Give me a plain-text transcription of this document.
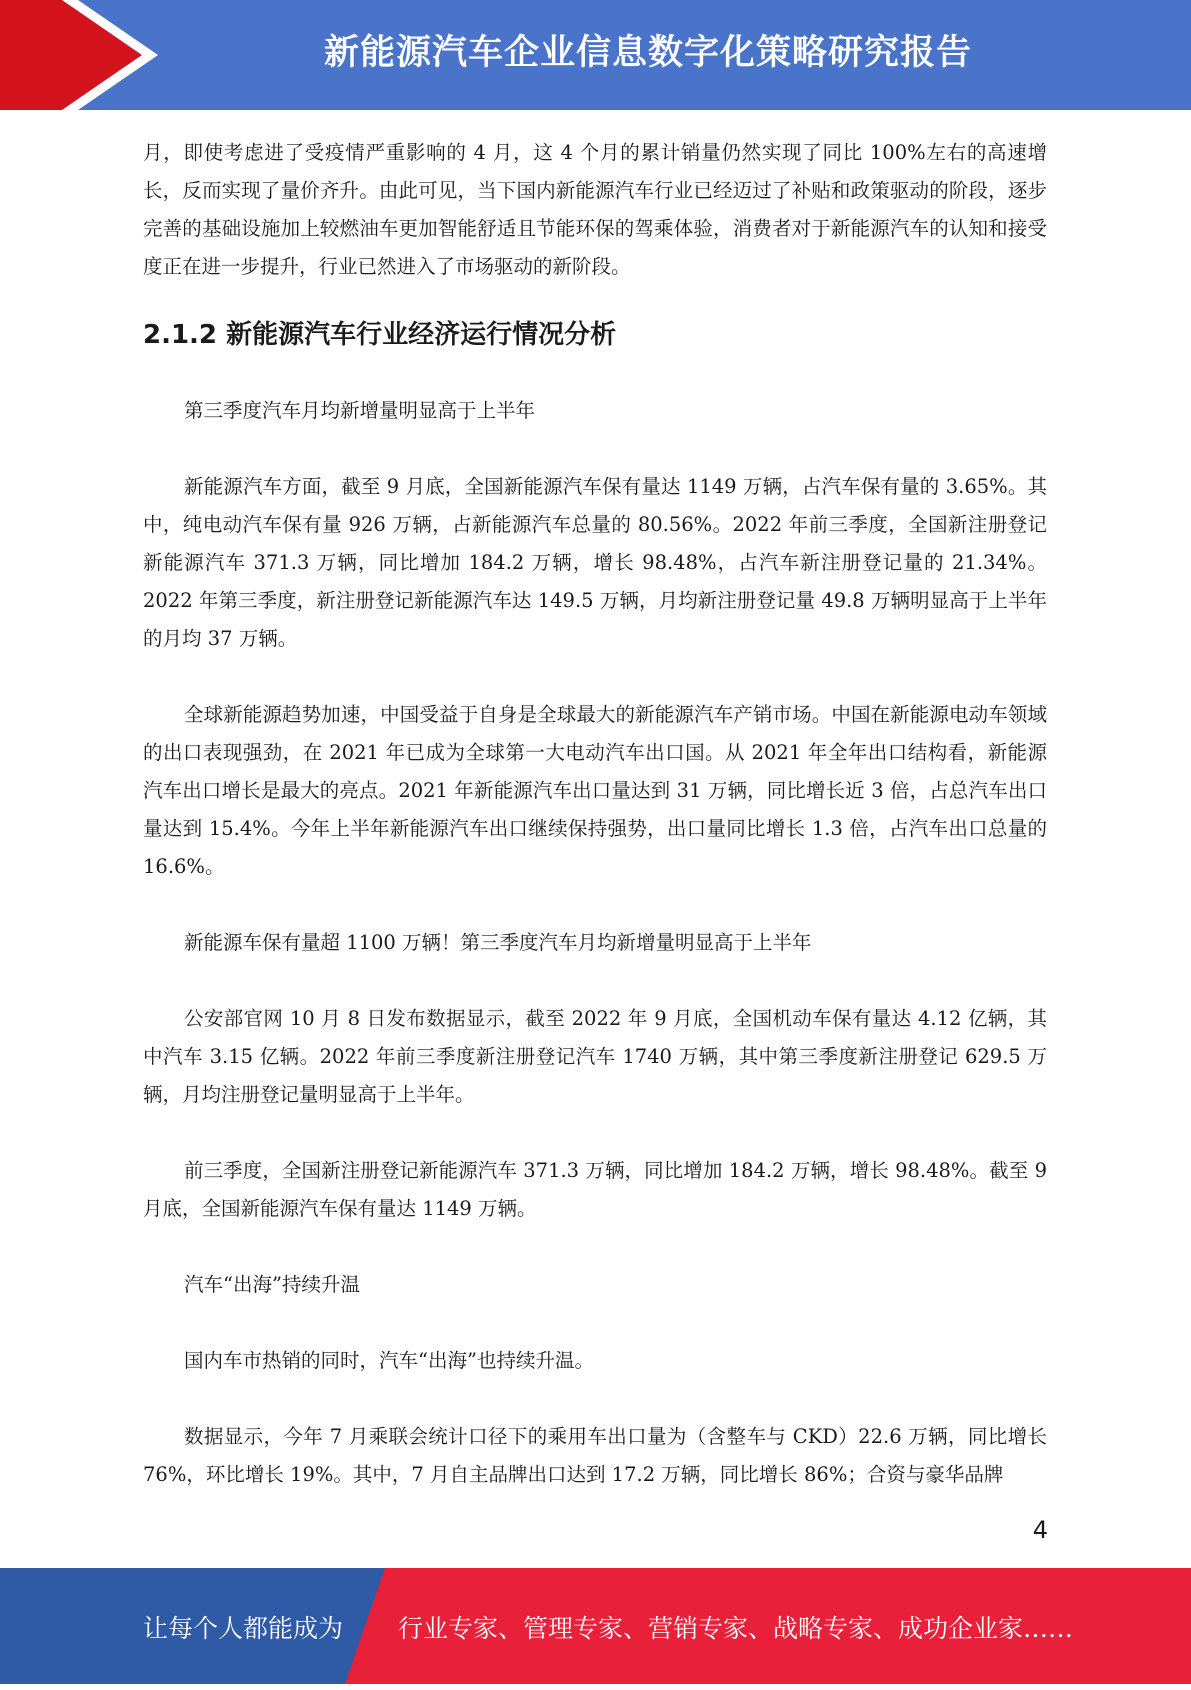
新能源汽车企业信息数字化策略研究报告

月，即使考虑进了受疫情严重影响的 4 月，这 4 个月的累计销量仍然实现了同比 100%左右的高速增长，反而实现了量价齐升。由此可见，当下国内新能源汽车行业已经迈过了补贴和政策驱动的阶段，逐步完善的基础设施加上较燃油车更加智能舒适且节能环保的驾乘体验，消费者对于新能源汽车的认知和接受度正在进一步提升，行业已然进入了市场驱动的新阶段。

2.1.2 新能源汽车行业经济运行情况分析

第三季度汽车月均新增量明显高于上半年

新能源汽车方面，截至 9 月底，全国新能源汽车保有量达 1149 万辆，占汽车保有量的 3.65%。其中，纯电动汽车保有量 926 万辆，占新能源汽车总量的 80.56%。2022 年前三季度，全国新注册登记新能源汽车 371.3 万辆，同比增加 184.2 万辆，增长 98.48%，占汽车新注册登记量的 21.34%。2022 年第三季度，新注册登记新能源汽车达 149.5 万辆，月均新注册登记量 49.8 万辆明显高于上半年的月均 37 万辆。

全球新能源趋势加速，中国受益于自身是全球最大的新能源汽车产销市场。中国在新能源电动车领域的出口表现强劲，在 2021 年已成为全球第一大电动汽车出口国。从 2021 年全年出口结构看，新能源汽车出口增长是最大的亮点。2021 年新能源汽车出口量达到 31 万辆，同比增长近 3 倍，占总汽车出口量达到 15.4%。今年上半年新能源汽车出口继续保持强势，出口量同比增长 1.3 倍，占汽车出口总量的 16.6%。

新能源车保有量超 1100 万辆！第三季度汽车月均新增量明显高于上半年

公安部官网 10 月 8 日发布数据显示，截至 2022 年 9 月底，全国机动车保有量达 4.12 亿辆，其中汽车 3.15 亿辆。2022 年前三季度新注册登记汽车 1740 万辆，其中第三季度新注册登记 629.5 万辆，月均注册登记量明显高于上半年。

前三季度，全国新注册登记新能源汽车 371.3 万辆，同比增加 184.2 万辆，增长 98.48%。截至 9 月底，全国新能源汽车保有量达 1149 万辆。

汽车“出海”持续升温

国内车市热销的同时，汽车“出海”也持续升温。

数据显示，今年 7 月乘联会统计口径下的乘用车出口量为（含整车与 CKD）22.6 万辆，同比增长 76%，环比增长 19%。其中，7 月自主品牌出口达到 17.2 万辆，同比增长 86%；合资与豪华品牌

4
让每个人都能成为 行业专家、管理专家、营销专家、战略专家、成功企业家……
